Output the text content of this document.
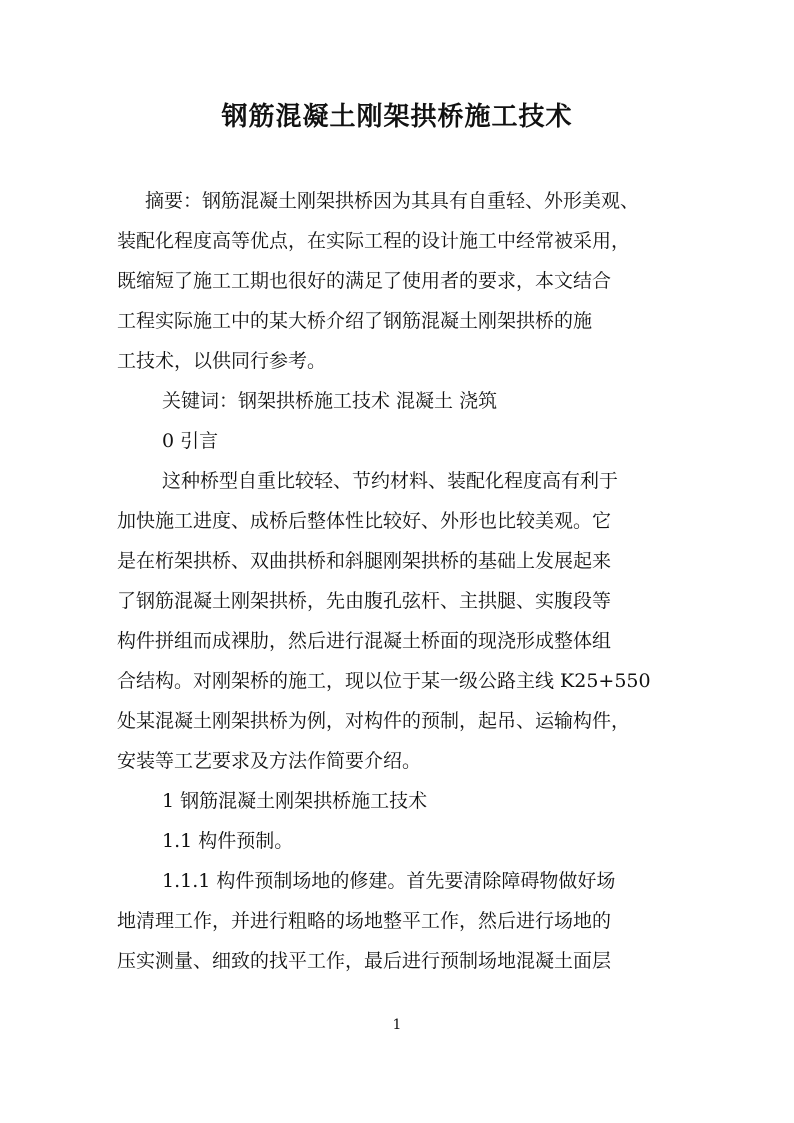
钢筋混凝土刚架拱桥施工技术

摘要：钢筋混凝土刚架拱桥因为其具有自重轻、外形美观、

装配化程度高等优点，在实际工程的设计施工中经常被采用，

既缩短了施工工期也很好的满足了使用者的要求，本文结合

工程实际施工中的某大桥介绍了钢筋混凝土刚架拱桥的施

工技术，以供同行参考。

关键词：钢架拱桥施工技术 混凝土 浇筑

0 引言

这种桥型自重比较轻、节约材料、装配化程度高有利于

加快施工进度、成桥后整体性比较好、外形也比较美观。它

是在桁架拱桥、双曲拱桥和斜腿刚架拱桥的基础上发展起来

了钢筋混凝土刚架拱桥，先由腹孔弦杆、主拱腿、实腹段等

构件拼组而成裸肋，然后进行混凝土桥面的现浇形成整体组

合结构。对刚架桥的施工，现以位于某一级公路主线 K25+550

处某混凝土刚架拱桥为例，对构件的预制，起吊、运输构件，

安装等工艺要求及方法作简要介绍。

1 钢筋混凝土刚架拱桥施工技术

1.1 构件预制。

1.1.1 构件预制场地的修建。首先要清除障碍物做好场

地清理工作，并进行粗略的场地整平工作，然后进行场地的

压实测量、细致的找平工作，最后进行预制场地混凝土面层

1
